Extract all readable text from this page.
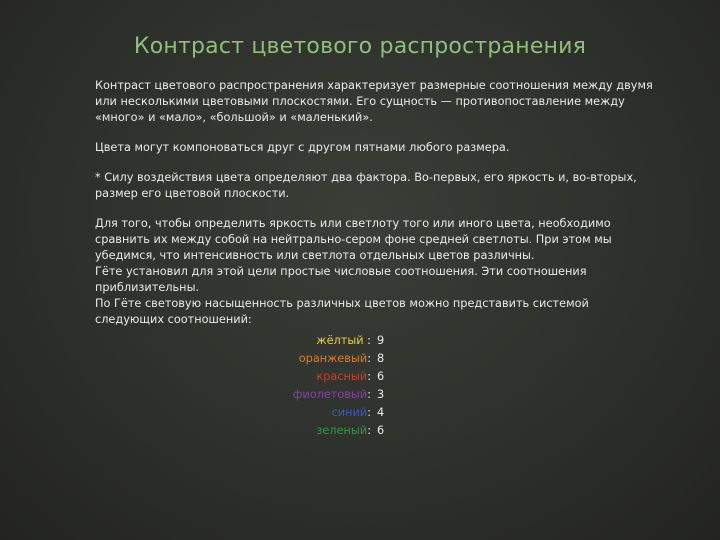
Контраст цветового распространения

Контраст цветового распространения характеризует размерные соотношения между двумя или несколькими цветовыми плоскостями. Его сущность — противопоставление между «много» и «мало», «большой» и «маленький».

Цвета могут компоноваться друг с другом пятнами любого размера.

* Силу воздействия цвета определяют два фактора. Во-первых, его яркость и, во-вторых, размер его цветовой плоскости.

Для того, чтобы определить яркость или светлоту того или иного цвета, необходимо сравнить их между собой на нейтрально-сером фоне средней светлоты. При этом мы убедимся, что интенсивность или светлота отдельных цветов различны.

Гёте установил для этой цели простые числовые соотношения. Эти соотношения приблизительны.

По Гёте световую насыщенность различных цветов можно представить системой следующих соотношений:

жёлтый : 9
оранжевый: 8
красный: 6
фиолетовый: 3
синий: 4
зеленый: 6
